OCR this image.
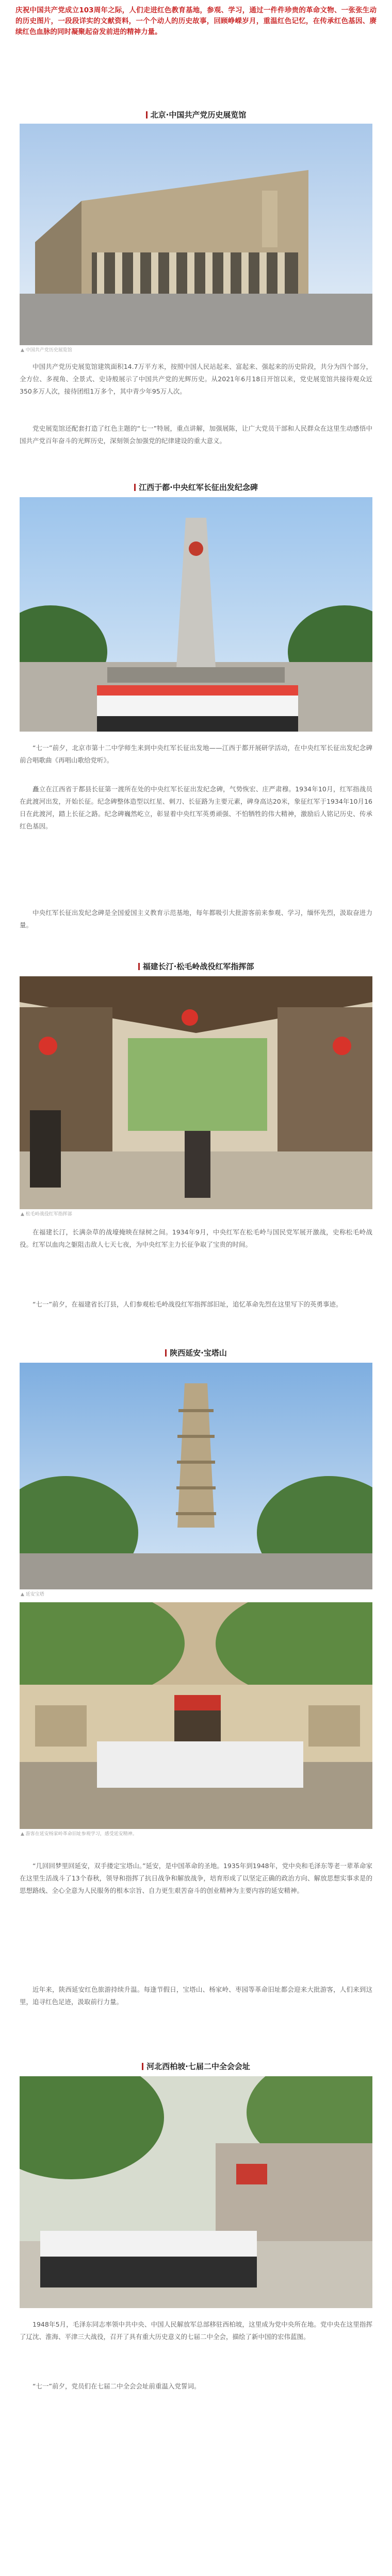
庆祝中国共产党成立103周年之际，人们走进红色教育基地，参观、学习，通过一件件珍贵的革命文物、一张张生动的历史图片，一段段详实的文献资料，一个个动人的历史故事，回顾峥嵘岁月，重温红色记忆，在传承红色基因、赓续红色血脉的同时凝聚起奋发前进的精神力量。
北京·中国共产党历史展览馆
▲ 中国共产党历史展览馆
中国共产党历史展览馆建筑面积14.7万平方米，按照中国人民站起来、富起来、强起来的历史阶段，共分为四个部分，全方位、多视角、全景式、史诗般展示了中国共产党的光辉历史。从2021年6月18日开馆以来，党史展览馆共接待观众近350多万人次，接待团组1万多个，其中青少年95万人次。
党史展览馆还配套打造了红色主题的“七一”特展，重点讲解，加强展陈，让广大党员干部和人民群众在这里生动感悟中国共产党百年奋斗的光辉历史，深刻领会加强党的纪律建设的重大意义。
江西于都·中央红军长征出发纪念碑
“七一”前夕，北京市第十二中学师生来到中央红军长征出发地——江西于都开展研学活动，在中央红军长征出发纪念碑前合唱歌曲《再唱山歌给党听》。
矗立在江西省于都县长征第一渡所在处的中央红军长征出发纪念碑，气势恢宏、庄严肃穆。1934年10月，红军指战员在此渡河出发，开始长征。纪念碑整体造型以红星、刺刀、长征路为主要元素，碑身高达20米，象征红军于1934年10月16日在此渡河，踏上长征之路。纪念碑巍然屹立，彰显着中央红军英勇顽强、不怕牺牲的伟大精神，激励后人铭记历史、传承红色基因。
中央红军长征出发纪念碑是全国爱国主义教育示范基地，每年都吸引大批游客前来参观、学习，缅怀先烈，汲取奋进力量。
福建长汀·松毛岭战役红军指挥部
▲ 松毛岭战役红军指挥部
在福建长汀，长满杂草的战壕掩映在绿树之间。1934年9月，中央红军在松毛岭与国民党军展开激战，史称松毛岭战役。红军以血肉之躯阻击敌人七天七夜，为中央红军主力长征争取了宝贵的时间。
“七一”前夕，在福建省长汀县，人们参观松毛岭战役红军指挥部旧址，追忆革命先烈在这里写下的英勇事迹。
陕西延安·宝塔山
▲ 延安宝塔
▲ 游客在延安杨家岭革命旧址参观学习，感受延安精神。
“几回回梦里回延安，双手搂定宝塔山。”延安，是中国革命的圣地。1935年到1948年，党中央和毛泽东等老一辈革命家在这里生活战斗了13个春秋，领导和指挥了抗日战争和解放战争，培育形成了以坚定正确的政治方向、解放思想实事求是的思想路线、全心全意为人民服务的根本宗旨、自力更生艰苦奋斗的创业精神为主要内容的延安精神。
近年来，陕西延安红色旅游持续升温。每逢节假日，宝塔山、杨家岭、枣园等革命旧址都会迎来大批游客，人们来到这里，追寻红色足迹，汲取前行力量。
河北西柏坡·七届二中全会会址
1948年5月，毛泽东同志率领中共中央、中国人民解放军总部移驻西柏坡，这里成为党中央所在地。党中央在这里指挥了辽沈、淮海、平津三大战役，召开了具有重大历史意义的七届二中全会，描绘了新中国的宏伟蓝图。
“七一”前夕，党员们在七届二中全会会址前重温入党誓词。
